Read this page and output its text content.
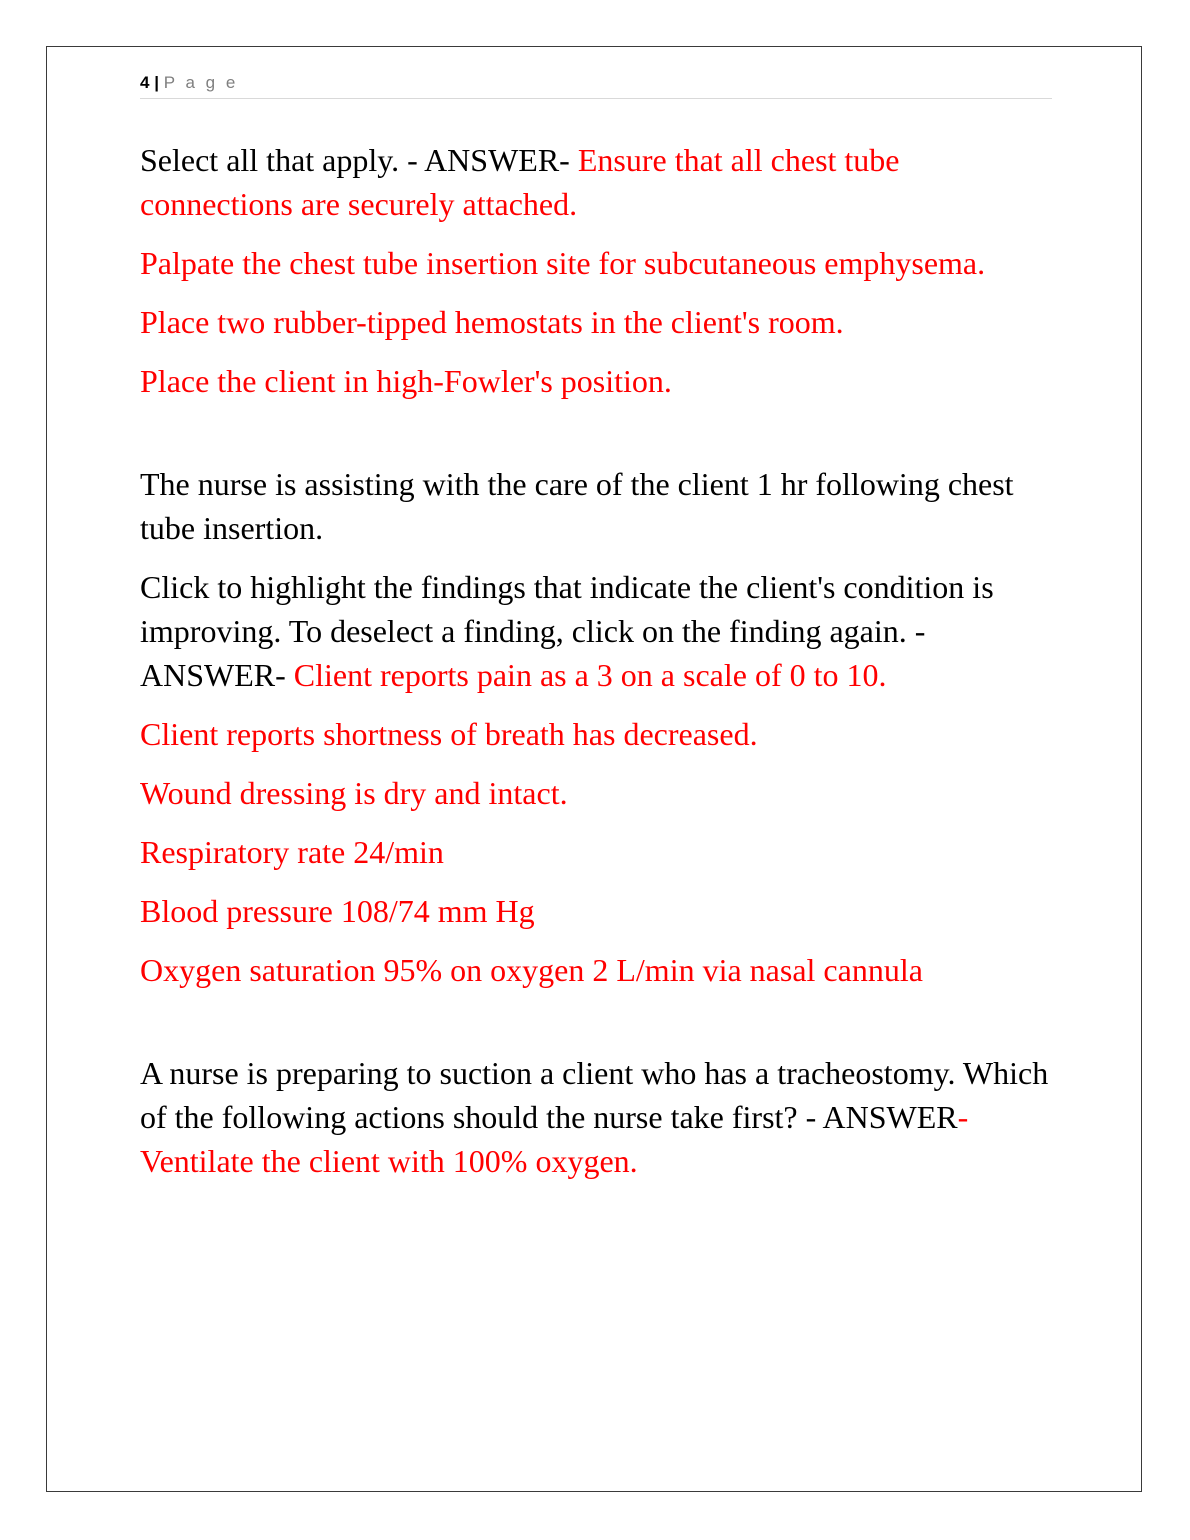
4 | P a g e

Select all that apply. - ANSWER- Ensure that all chest tube connections are securely attached.

Palpate the chest tube insertion site for subcutaneous emphysema.

Place two rubber-tipped hemostats in the client's room.

Place the client in high-Fowler's position.

The nurse is assisting with the care of the client 1 hr following chest tube insertion.

Click to highlight the findings that indicate the client's condition is improving. To deselect a finding, click on the finding again. - ANSWER- Client reports pain as a 3 on a scale of 0 to 10.

Client reports shortness of breath has decreased.

Wound dressing is dry and intact.

Respiratory rate 24/min

Blood pressure 108/74 mm Hg

Oxygen saturation 95% on oxygen 2 L/min via nasal cannula

A nurse is preparing to suction a client who has a tracheostomy. Which of the following actions should the nurse take first? - ANSWER- Ventilate the client with 100% oxygen.
